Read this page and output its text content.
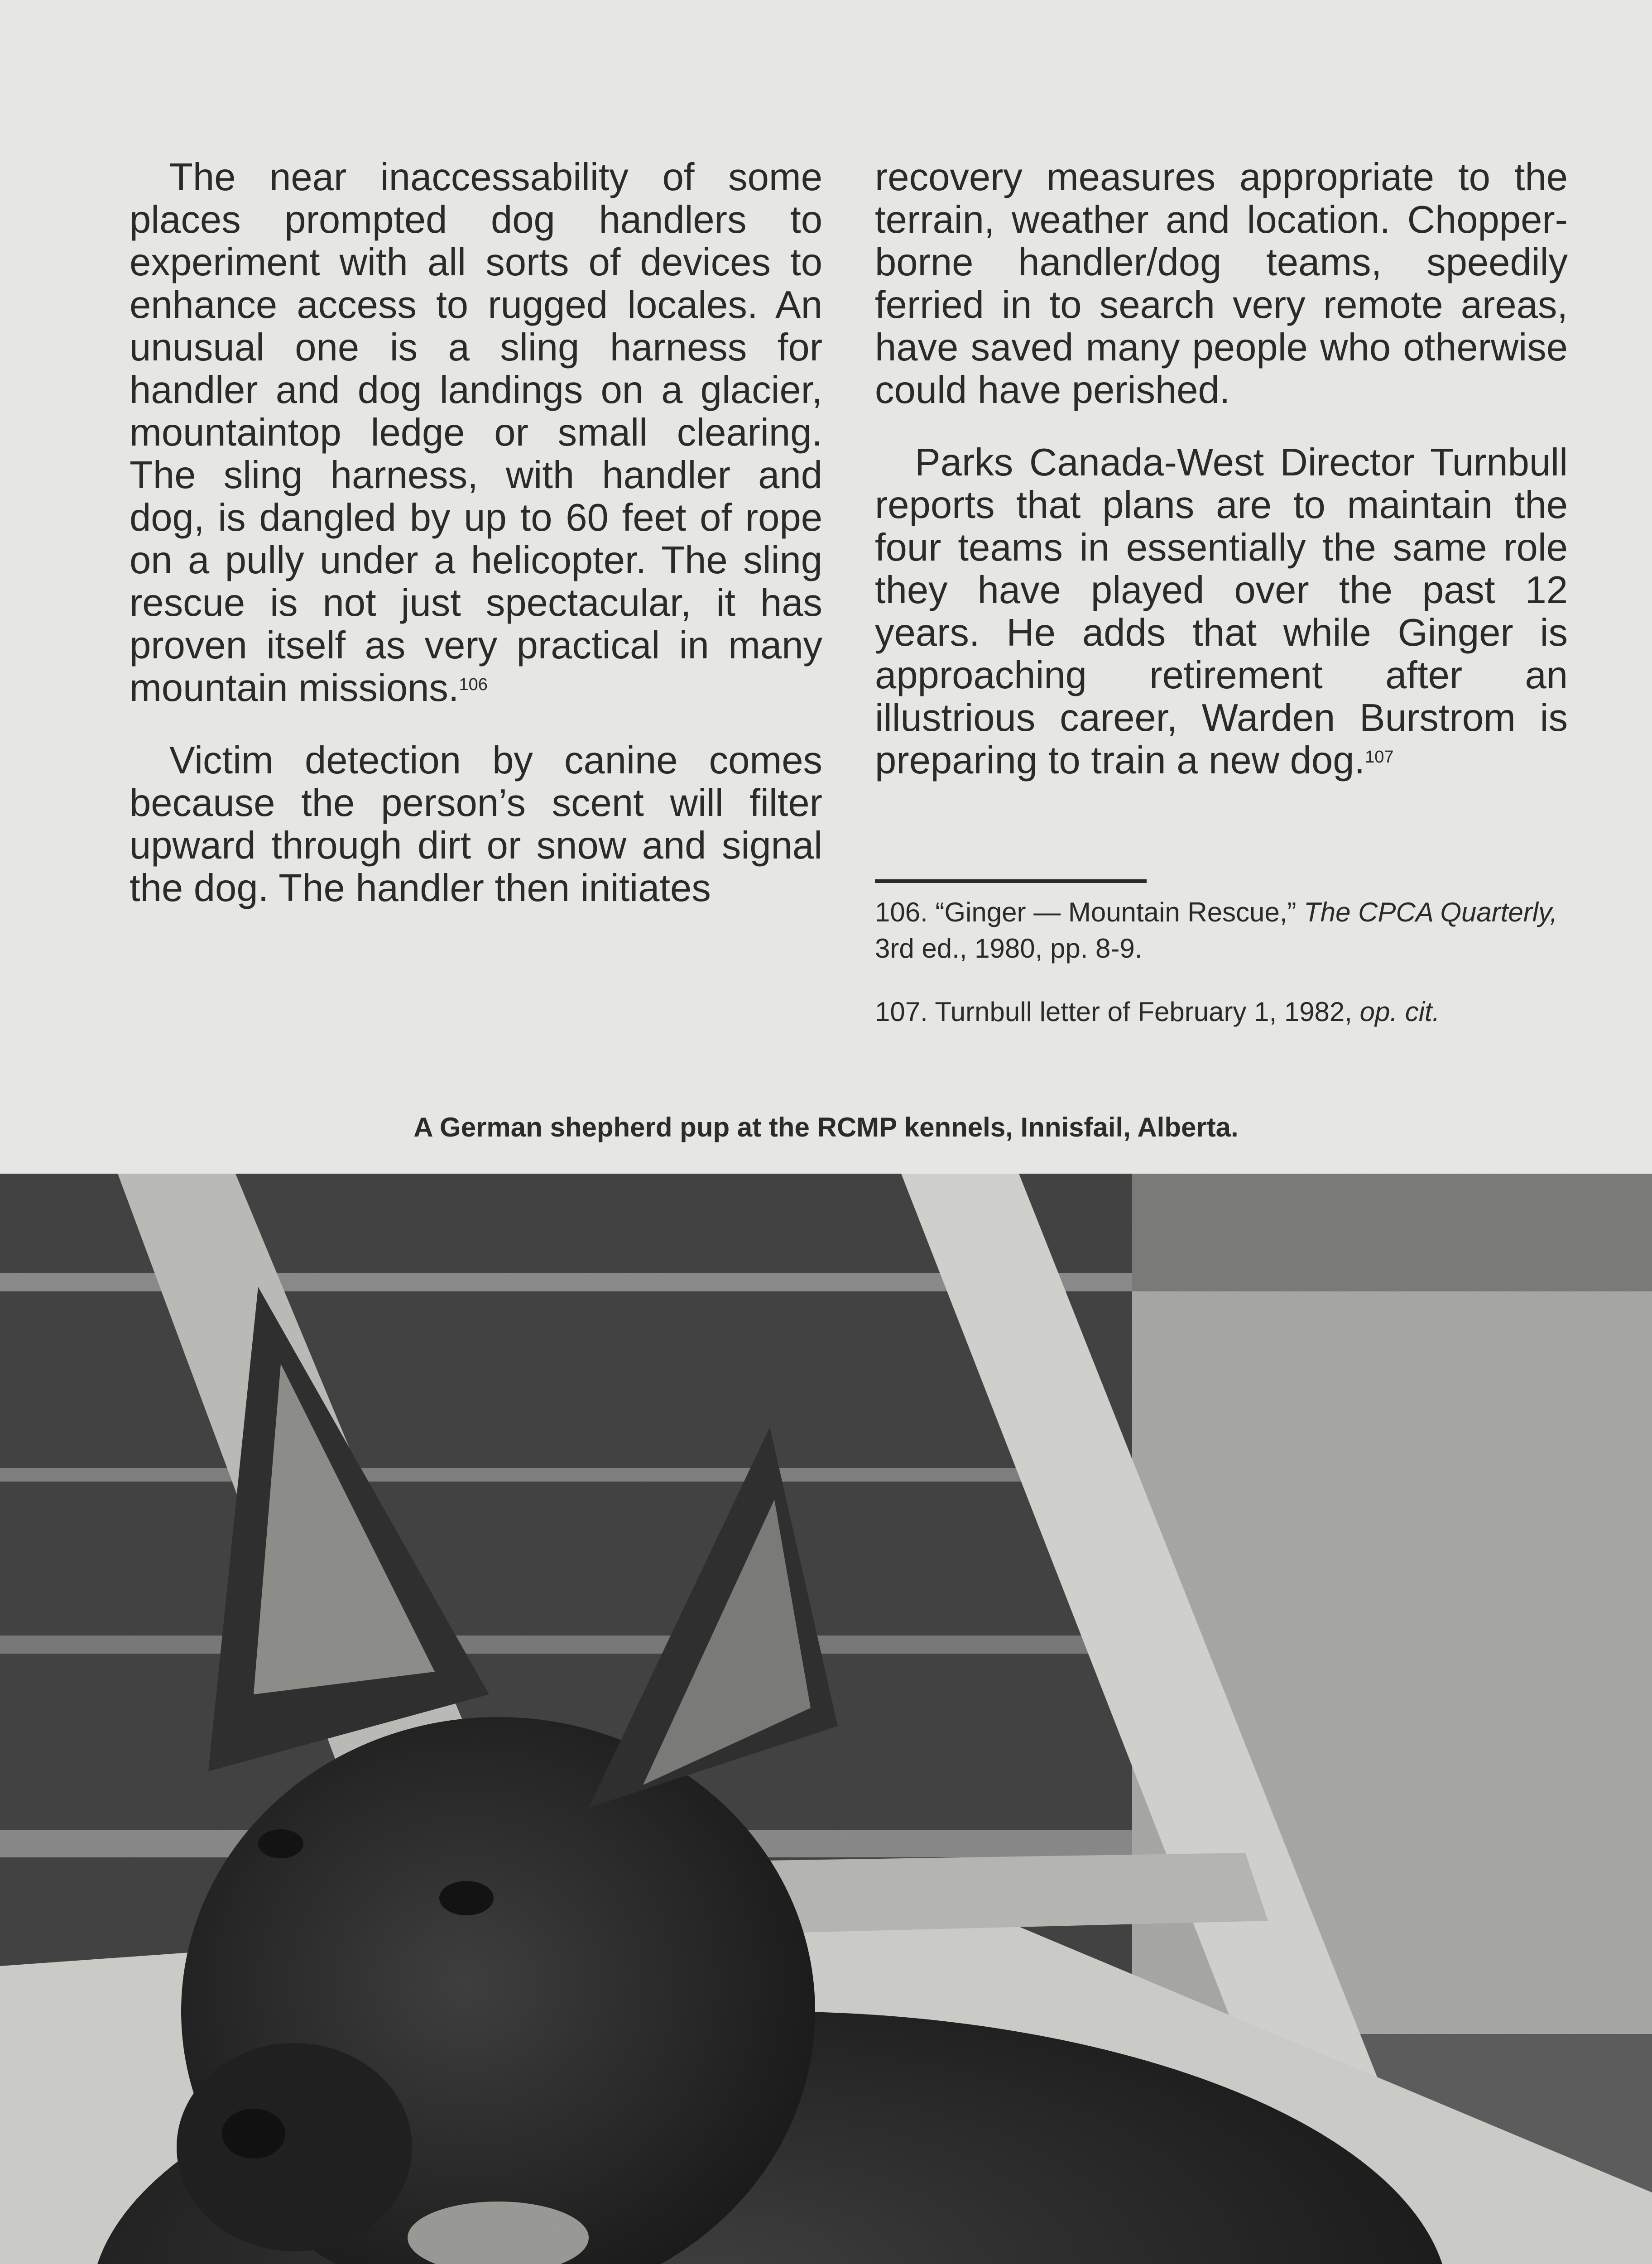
The near inaccessability of some places prompted dog handlers to experiment with all sorts of devices to enhance access to rugged locales. An unusual one is a sling harness for handler and dog landings on a glacier, mountaintop ledge or small clearing. The sling harness, with handler and dog, is dangled by up to 60 feet of rope on a pully under a helicopter. The sling rescue is not just spectacular, it has proven itself as very practical in many mountain missions.$^{106}$

Victim detection by canine comes because the person’s scent will filter upward through dirt or snow and signal the dog. The handler then initiates

recovery measures appropriate to the terrain, weather and location. Chopper-borne handler/dog teams, speedily ferried in to search very remote areas, have saved many people who otherwise could have perished.

Parks Canada-West Director Turnbull reports that plans are to maintain the four teams in essentially the same role they have played over the past 12 years. He adds that while Ginger is approaching retirement after an illustrious career, Warden Burstrom is preparing to train a new dog.$^{107}$

106. “Ginger — Mountain Rescue,” The CPCA Quarterly, 3rd ed., 1980, pp. 8-9.

107. Turnbull letter of February 1, 1982, op. cit.

A German shepherd pup at the RCMP kennels, Innisfail, Alberta.
